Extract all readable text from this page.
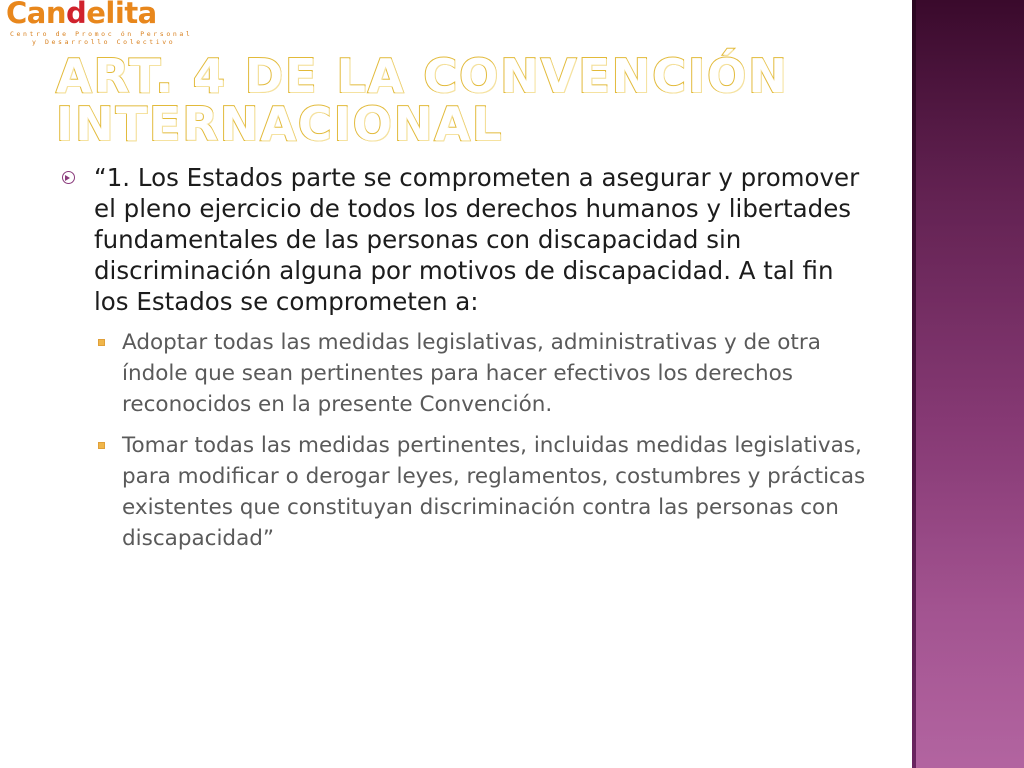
Candelita
Centro de Promoc ón Personal
y Desarrollo Colectivo
ART. 4 DE LA CONVENCIÓN INTERNACIONAL
“1. Los Estados parte se comprometen a asegurar y promover el pleno ejercicio de todos los derechos humanos y libertades fundamentales de las personas con discapacidad sin discriminación alguna por motivos de discapacidad. A tal fin los Estados se comprometen a:
Adoptar todas las medidas legislativas, administrativas y de otra índole que sean pertinentes para hacer efectivos los derechos reconocidos en la presente Convención.
Tomar todas las medidas pertinentes, incluidas medidas legislativas, para modificar o derogar leyes, reglamentos, costumbres y prácticas existentes que constituyan discriminación contra las personas con discapacidad”
